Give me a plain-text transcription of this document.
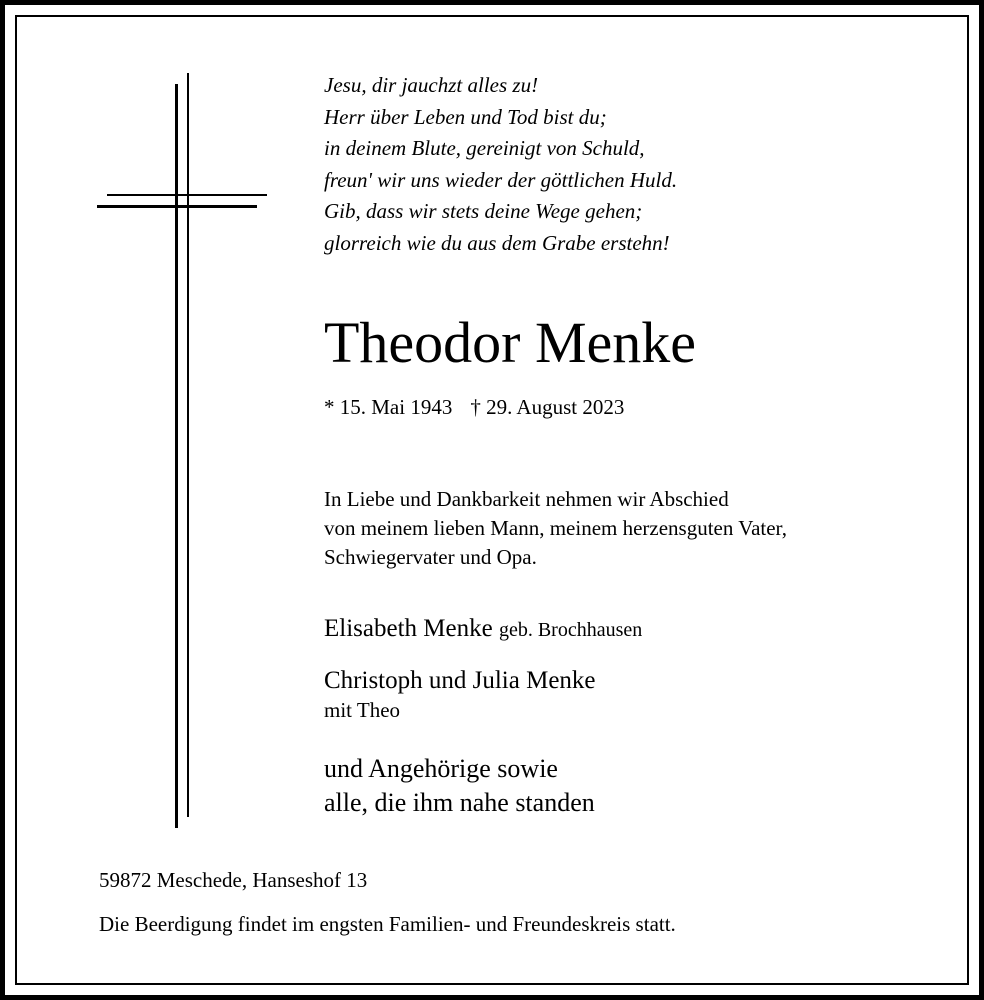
Jesu, dir jauchzt alles zu!
Herr über Leben und Tod bist du;
in deinem Blute, gereinigt von Schuld,
freun' wir uns wieder der göttlichen Huld.
Gib, dass wir stets deine Wege gehen;
glorreich wie du aus dem Grabe erstehn!
Theodor Menke
* 15. Mai 1943 † 29. August 2023
In Liebe und Dankbarkeit nehmen wir Abschied
von meinem lieben Mann, meinem herzensguten Vater,
Schwiegervater und Opa.
Elisabeth Menke geb. Brochhausen
Christoph und Julia Menke
mit Theo
und Angehörige sowie
alle, die ihm nahe standen
59872 Meschede, Hanseshof 13
Die Beerdigung findet im engsten Familien- und Freundeskreis statt.
